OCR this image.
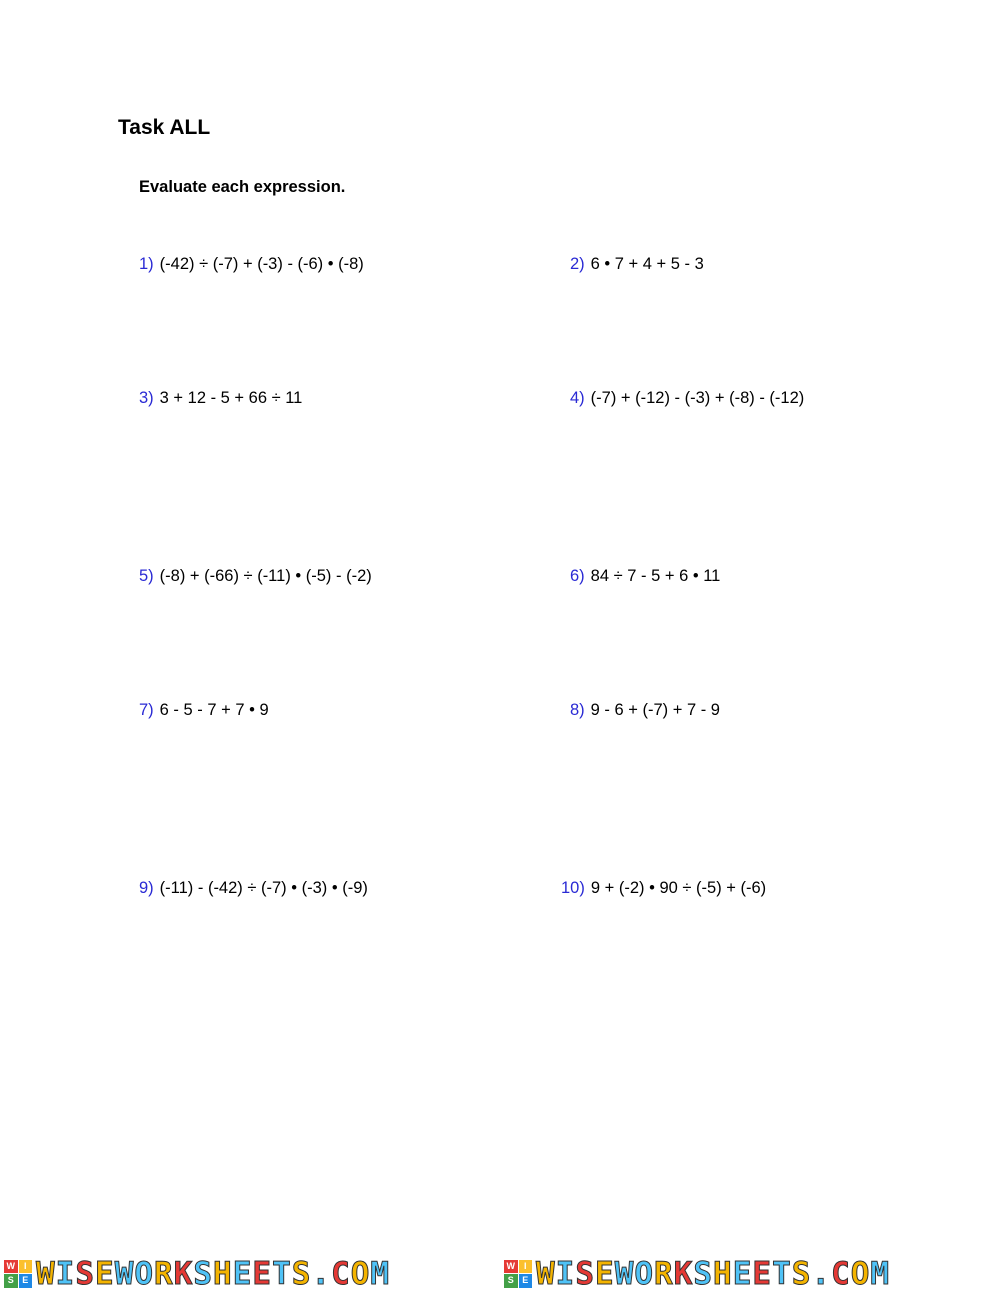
Task ALL
Evaluate each expression.
1) (-42) ÷ (-7) + (-3) - (-6) • (-8)	2) 6 • 7 + 4 + 5 - 3
3) 3 + 12 - 5 + 66 ÷ 11	4) (-7) + (-12) - (-3) + (-8) - (-12)
5) (-8) + (-66) ÷ (-11) • (-5) - (-2)	6) 84 ÷ 7 - 5 + 6 • 11
7) 6 - 5 - 7 + 7 • 9	8) 9 - 6 + (-7) + 7 - 9
9) (-11) - (-42) ÷ (-7) • (-3) • (-9)	10) 9 + (-2) • 90 ÷ (-5) + (-6)
W I
S E WISEWORKSHEETS.COM	W I
S E WISEWORKSHEETS.COM
